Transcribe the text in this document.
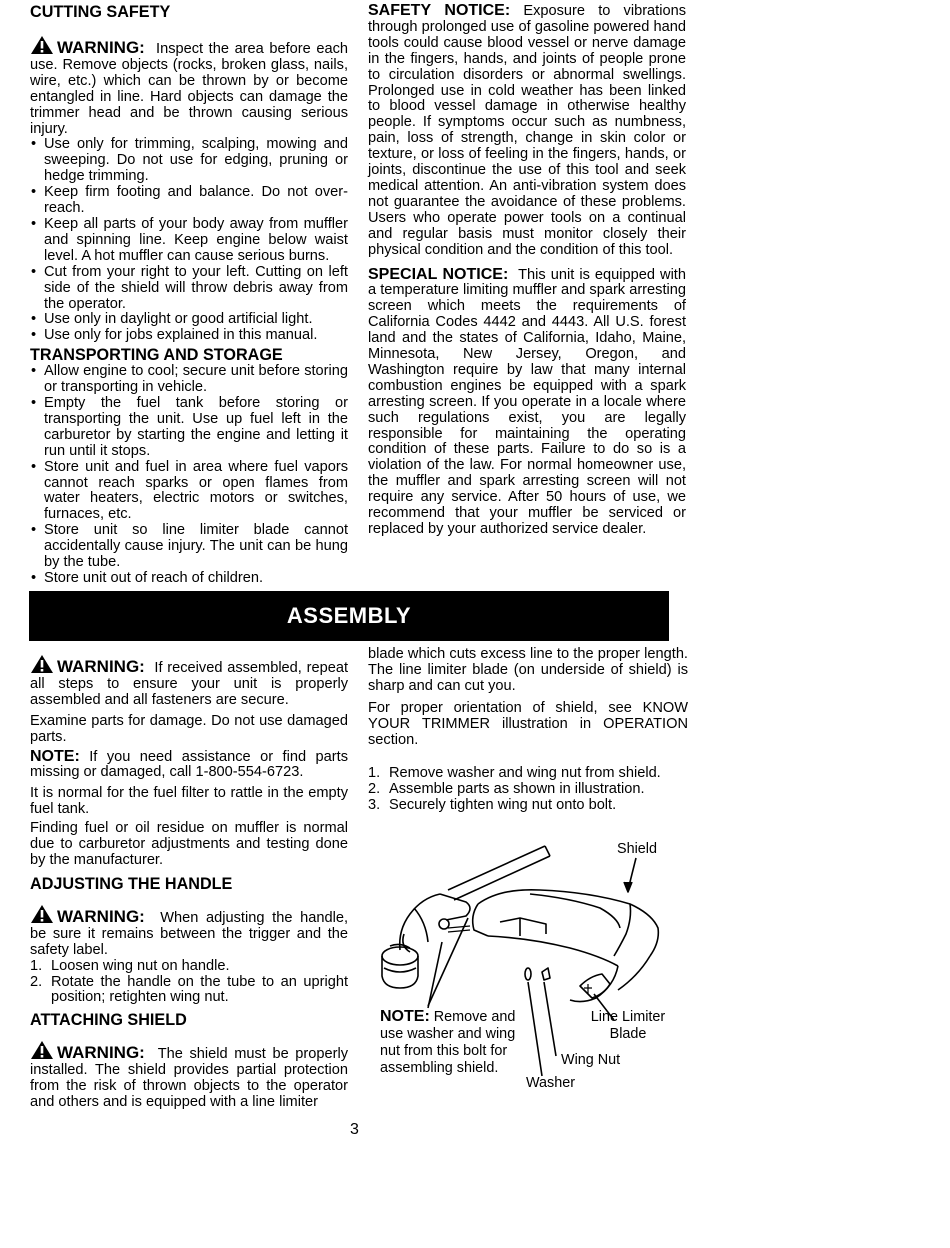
CUTTING SAFETY

WARNING: Inspect the area before each use. Remove objects (rocks, broken glass, nails, wire, etc.) which can be thrown by or become entangled in line. Hard objects can damage the trimmer head and be thrown causing serious injury.

• Use only for trimming, scalping, mowing and sweeping. Do not use for edging, pruning or hedge trimming.
• Keep firm footing and balance. Do not over-reach.
• Keep all parts of your body away from muffler and spinning line. Keep engine below waist level. A hot muffler can cause serious burns.
• Cut from your right to your left. Cutting on left side of the shield will throw debris away from the operator.
• Use only in daylight or good artificial light.
• Use only for jobs explained in this manual.
TRANSPORTING AND STORAGE
• Allow engine to cool; secure unit before storing or transporting in vehicle.
• Empty the fuel tank before storing or transporting the unit. Use up fuel left in the carburetor by starting the engine and letting it run until it stops.
• Store unit and fuel in area where fuel vapors cannot reach sparks or open flames from water heaters, electric motors or switches, furnaces, etc.
• Store unit so line limiter blade cannot accidentally cause injury. The unit can be hung by the tube.
• Store unit out of reach of children.

SAFETY NOTICE: Exposure to vibrations through prolonged use of gasoline powered hand tools could cause blood vessel or nerve damage in the fingers, hands, and joints of people prone to circulation disorders or abnormal swellings. Prolonged use in cold weather has been linked to blood vessel damage in otherwise healthy people. If symptoms occur such as numbness, pain, loss of strength, change in skin color or texture, or loss of feeling in the fingers, hands, or joints, discontinue the use of this tool and seek medical attention. An anti-vibration system does not guarantee the avoidance of these problems. Users who operate power tools on a continual and regular basis must monitor closely their physical condition and the condition of this tool.

SPECIAL NOTICE: This unit is equipped with a temperature limiting muffler and spark arresting screen which meets the requirements of California Codes 4442 and 4443. All U.S. forest land and the states of California, Idaho, Maine, Minnesota, New Jersey, Oregon, and Washington require by law that many internal combustion engines be equipped with a spark arresting screen. If you operate in a locale where such regulations exist, you are legally responsible for maintaining the operating condition of these parts. Failure to do so is a violation of the law. For normal homeowner use, the muffler and spark arresting screen will not require any service. After 50 hours of use, we recommend that your muffler be serviced or replaced by your authorized service dealer.

ASSEMBLY

WARNING: If received assembled, repeat all steps to ensure your unit is properly assembled and all fasteners are secure.

Examine parts for damage. Do not use damaged parts.

NOTE: If you need assistance or find parts missing or damaged, call 1-800-554-6723.

It is normal for the fuel filter to rattle in the empty fuel tank.

Finding fuel or oil residue on muffler is normal due to carburetor adjustments and testing done by the manufacturer.

ADJUSTING THE HANDLE

WARNING: When adjusting the handle, be sure it remains between the trigger and the safety label.

1. Loosen wing nut on handle.
2. Rotate the handle on the tube to an upright position; retighten wing nut.
ATTACHING SHIELD

WARNING: The shield must be properly installed. The shield provides partial protection from the risk of thrown objects to the operator and others and is equipped with a line limiter

blade which cuts excess line to the proper length. The line limiter blade (on underside of shield) is sharp and can cut you.

For proper orientation of shield, see KNOW YOUR TRIMMER illustration in OPERATION section.

1. Remove washer and wing nut from shield.
2. Assemble parts as shown in illustration.
3. Securely tighten wing nut onto bolt.
Shield
NOTE: Remove and use washer and wing nut from this bolt for assembling shield.
Line Limiter Blade
Wing Nut
Washer
3
